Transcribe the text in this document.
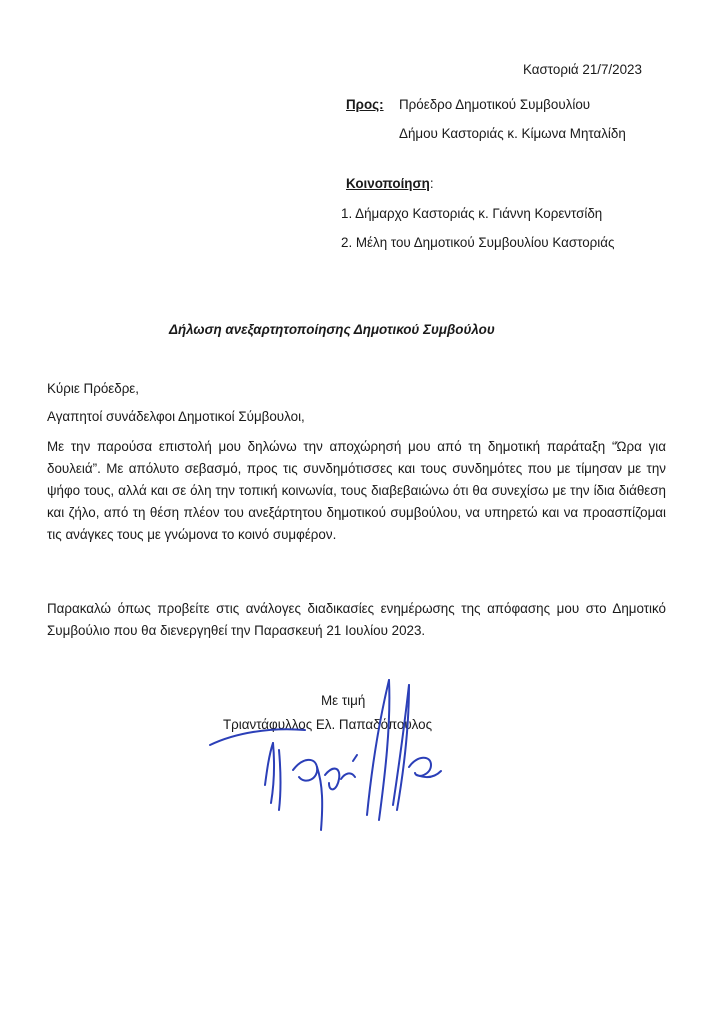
Καστοριά 21/7/2023
Προς: Πρόεδρο Δημοτικού Συμβουλίου
Δήμου Καστοριάς κ. Κίμωνα Μηταλίδη
Κοινοποίηση:
1. Δήμαρχο Καστοριάς κ. Γιάννη Κορεντσίδη
2. Μέλη του Δημοτικού Συμβουλίου Καστοριάς
Δήλωση ανεξαρτητοποίησης Δημοτικού Συμβούλου
Κύριε Πρόεδρε,
Αγαπητοί συνάδελφοι Δημοτικοί Σύμβουλοι,
Με την παρούσα επιστολή μου δηλώνω την αποχώρησή μου από τη δημοτική παράταξη “Ώρα για δουλειά”. Με απόλυτο σεβασμό, προς τις συνδημότισσες και τους συνδημότες που με τίμησαν με την ψήφο τους, αλλά και σε όλη την τοπική κοινωνία, τους διαβεβαιώνω ότι θα συνεχίσω με την ίδια διάθεση και ζήλο, από τη θέση πλέον του ανεξάρτητου δημοτικού συμβούλου, να υπηρετώ και να προασπίζομαι τις ανάγκες τους με γνώμονα το κοινό συμφέρον.
Παρακαλώ όπως προβείτε στις ανάλογες διαδικασίες ενημέρωσης της απόφασης μου στο Δημοτικό Συμβούλιο που θα διενεργηθεί την Παρασκευή 21 Ιουλίου 2023.
Με τιμή
Τριαντάφυλλος Ελ. Παπαδόπουλος
